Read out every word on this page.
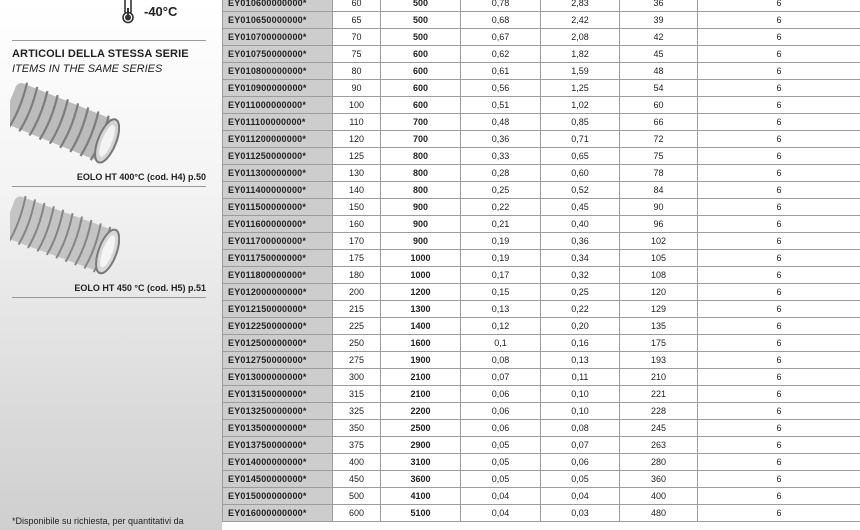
-40°C
ARTICOLI DELLA STESSA SERIE
ITEMS IN THE SAME SERIES
EOLO HT 400°C (cod. H4) p.50
EOLO HT 450 °C (cod. H5) p.51
*Disponibile su richiesta, per quantitativi da
EY010600000000*	60	500	0,78	2,83	36	6
EY010650000000*	65	500	0,68	2,42	39	6
EY010700000000*	70	500	0,67	2,08	42	6
EY010750000000*	75	600	0,62	1,82	45	6
EY010800000000*	80	600	0,61	1,59	48	6
EY010900000000*	90	600	0,56	1,25	54	6
EY011000000000*	100	600	0,51	1,02	60	6
EY011100000000*	110	700	0,48	0,85	66	6
EY011200000000*	120	700	0,36	0,71	72	6
EY011250000000*	125	800	0,33	0,65	75	6
EY011300000000*	130	800	0,28	0,60	78	6
EY011400000000*	140	800	0,25	0,52	84	6
EY011500000000*	150	900	0,22	0,45	90	6
EY011600000000*	160	900	0,21	0,40	96	6
EY011700000000*	170	900	0,19	0,36	102	6
EY011750000000*	175	1000	0,19	0,34	105	6
EY011800000000*	180	1000	0,17	0,32	108	6
EY012000000000*	200	1200	0,15	0,25	120	6
EY012150000000*	215	1300	0,13	0,22	129	6
EY012250000000*	225	1400	0,12	0,20	135	6
EY012500000000*	250	1600	0,1	0,16	175	6
EY012750000000*	275	1900	0,08	0,13	193	6
EY013000000000*	300	2100	0,07	0,11	210	6
EY013150000000*	315	2100	0,06	0,10	221	6
EY013250000000*	325	2200	0,06	0,10	228	6
EY013500000000*	350	2500	0,06	0,08	245	6
EY013750000000*	375	2900	0,05	0,07	263	6
EY014000000000*	400	3100	0,05	0,06	280	6
EY014500000000*	450	3600	0,05	0,05	360	6
EY015000000000*	500	4100	0,04	0,04	400	6
EY016000000000*	600	5100	0,04	0,03	480	6
